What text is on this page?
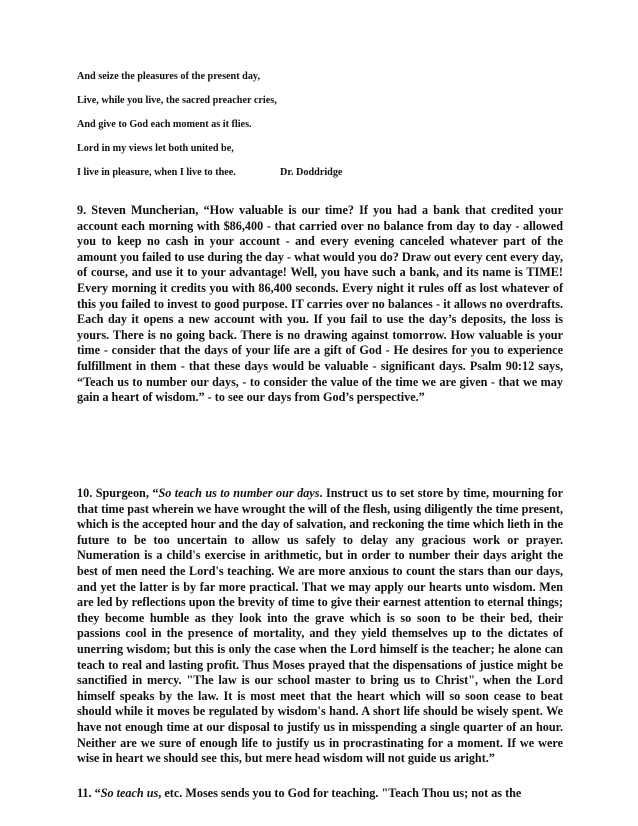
And seize the pleasures of the present day,
Live, while you live, the sacred preacher cries,
And give to God each moment as it flies.
Lord in my views let both united be,
I live in pleasure, when I live to thee.	Dr. Doddridge

9. Steven Muncherian, “How valuable is our time? If you had a bank that credited your account each morning with $86,400 - that carried over no balance from day to day - allowed you to keep no cash in your account - and every evening canceled whatever part of the amount you failed to use during the day - what would you do? Draw out every cent every day, of course, and use it to your advantage! Well, you have such a bank, and its name is TIME! Every morning it credits you with 86,400 seconds. Every night it rules off as lost whatever of this you failed to invest to good purpose. IT carries over no balances - it allows no overdrafts. Each day it opens a new account with you. If you fail to use the day’s deposits, the loss is yours. There is no going back. There is no drawing against tomorrow. How valuable is your time - consider that the days of your life are a gift of God - He desires for you to experience fulfillment in them - that these days would be valuable - significant days. Psalm 90:12 says, “Teach us to number our days, - to consider the value of the time we are given - that we may gain a heart of wisdom.” - to see our days from God’s perspective.”

10. Spurgeon, “So teach us to number our days. Instruct us to set store by time, mourning for that time past wherein we have wrought the will of the flesh, using diligently the time present, which is the accepted hour and the day of salvation, and reckoning the time which lieth in the future to be too uncertain to allow us safely to delay any gracious work or prayer. Numeration is a child's exercise in arithmetic, but in order to number their days aright the best of men need the Lord's teaching. We are more anxious to count the stars than our days, and yet the latter is by far more practical. That we may apply our hearts unto wisdom. Men are led by reflections upon the brevity of time to give their earnest attention to eternal things; they become humble as they look into the grave which is so soon to be their bed, their passions cool in the presence of mortality, and they yield themselves up to the dictates of unerring wisdom; but this is only the case when the Lord himself is the teacher; he alone can teach to real and lasting profit. Thus Moses prayed that the dispensations of justice might be sanctified in mercy. "The law is our school master to bring us to Christ", when the Lord himself speaks by the law. It is most meet that the heart which will so soon cease to beat should while it moves be regulated by wisdom's hand. A short life should be wisely spent. We have not enough time at our disposal to justify us in misspending a single quarter of an hour. Neither are we sure of enough life to justify us in procrastinating for a moment. If we were wise in heart we should see this, but mere head wisdom will not guide us aright.”

11. “So teach us, etc. Moses sends you to God for teaching. "Teach Thou us; not as the
